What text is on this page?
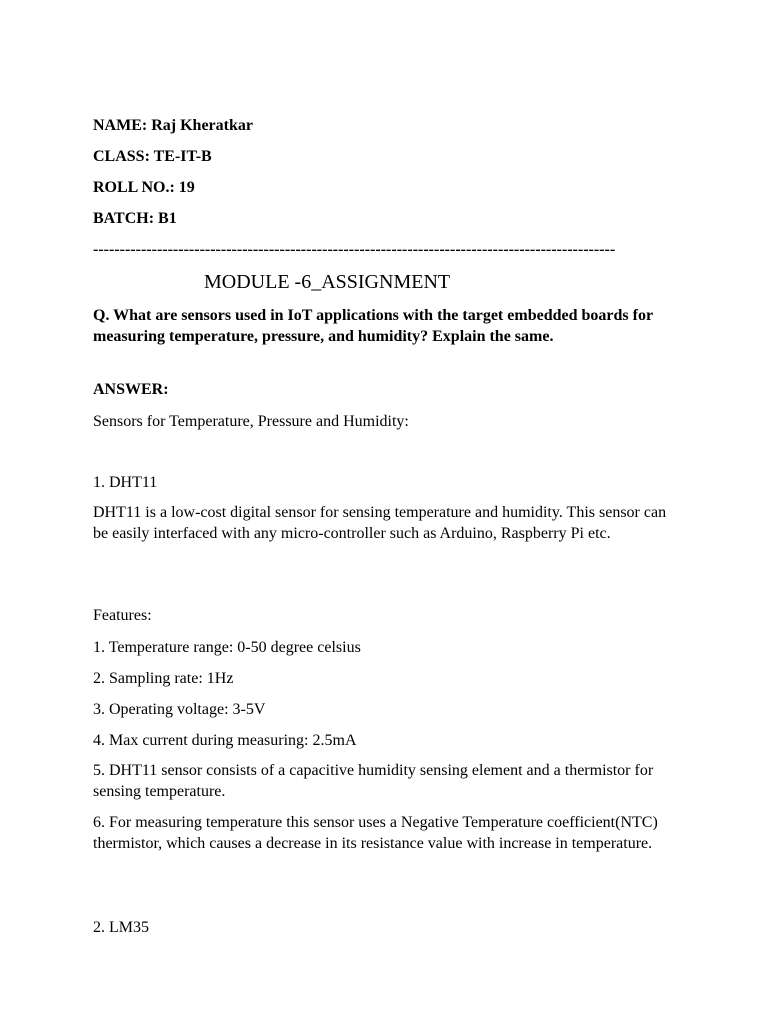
NAME: Raj Kheratkar

CLASS: TE-IT-B

ROLL NO.: 19

BATCH: B1

--------------------------------------------------------------------------------------------------

MODULE -6_ASSIGNMENT

Q. What are sensors used in IoT applications with the target embedded boards for measuring temperature, pressure, and humidity? Explain the same.

ANSWER:

Sensors for Temperature, Pressure and Humidity:

1. DHT11

DHT11 is a low-cost digital sensor for sensing temperature and humidity. This sensor can be easily interfaced with any micro-controller such as Arduino, Raspberry Pi etc.

Features:

1. Temperature range: 0-50 degree celsius

2. Sampling rate: 1Hz

3. Operating voltage: 3-5V

4. Max current during measuring: 2.5mA

5. DHT11 sensor consists of a capacitive humidity sensing element and a thermistor for sensing temperature.

6. For measuring temperature this sensor uses a Negative Temperature coefficient(NTC) thermistor, which causes a decrease in its resistance value with increase in temperature.

2. LM35
